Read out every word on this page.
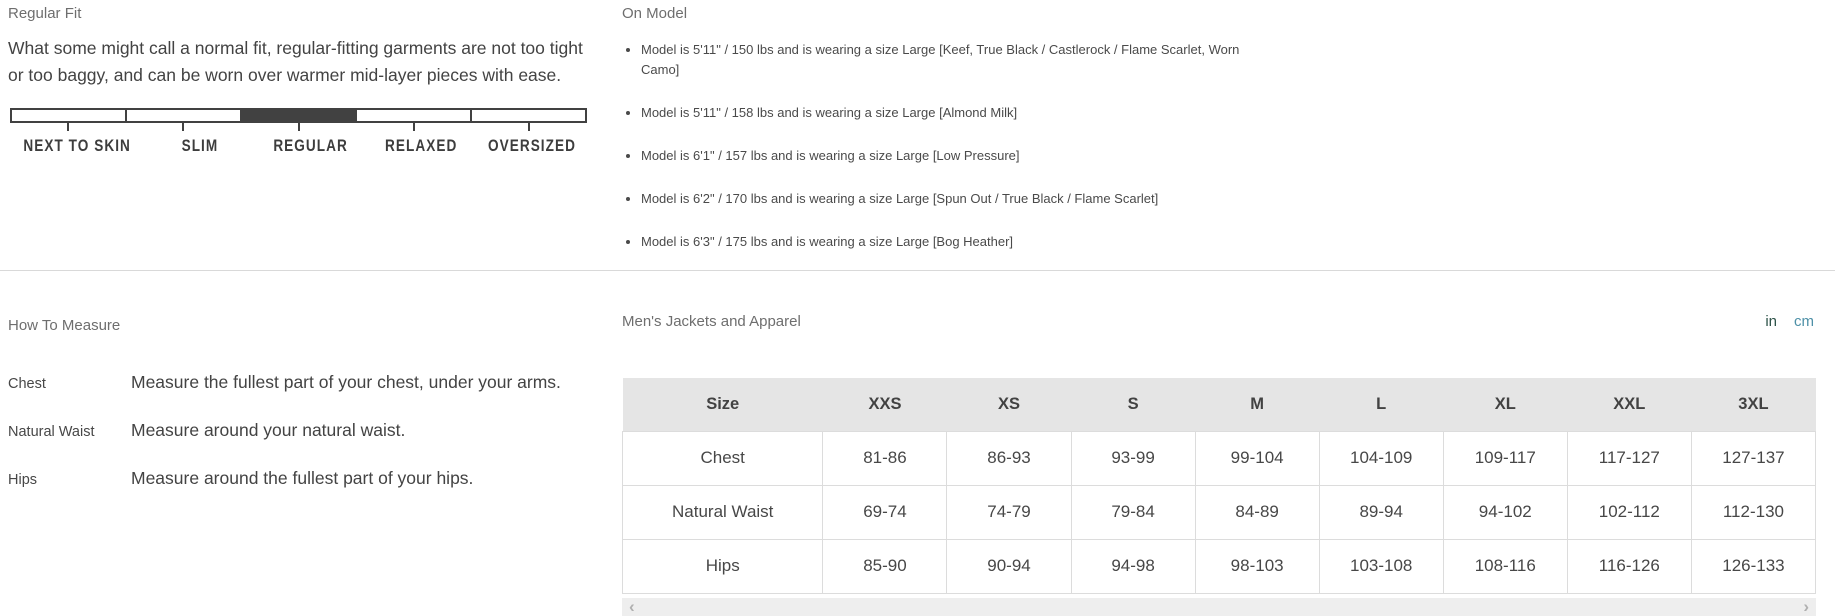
Regular Fit

What some might call a normal fit, regular-fitting garments are not too tight or too baggy, and can be worn over warmer mid-layer pieces with ease.

NEXT TO SKIN	SLIM	REGULAR	RELAXED	OVERSIZED
On Model
• Model is 5'11" / 150 lbs and is wearing a size Large [Keef, True Black / Castlerock / Flame Scarlet, Worn Camo]
• Model is 5'11" / 158 lbs and is wearing a size Large [Almond Milk]
• Model is 6'1" / 157 lbs and is wearing a size Large [Low Pressure]
• Model is 6'2" / 170 lbs and is wearing a size Large [Spun Out / True Black / Flame Scarlet]
• Model is 6'3" / 175 lbs and is wearing a size Large [Bog Heather]
How To Measure
Chest	Measure the fullest part of your chest, under your arms.
Natural Waist	Measure around your natural waist.
Hips	Measure around the fullest part of your hips.
Men's Jackets and Apparel	in cm
Size	XXS	XS	S	M	L	XL	XXL	3XL
Chest	81-86	86-93	93-99	99-104	104-109	109-117	117-127	127-137
Natural Waist	69-74	74-79	79-84	84-89	89-94	94-102	102-112	112-130
Hips	85-90	90-94	94-98	98-103	103-108	108-116	116-126	126-133
‹	›
